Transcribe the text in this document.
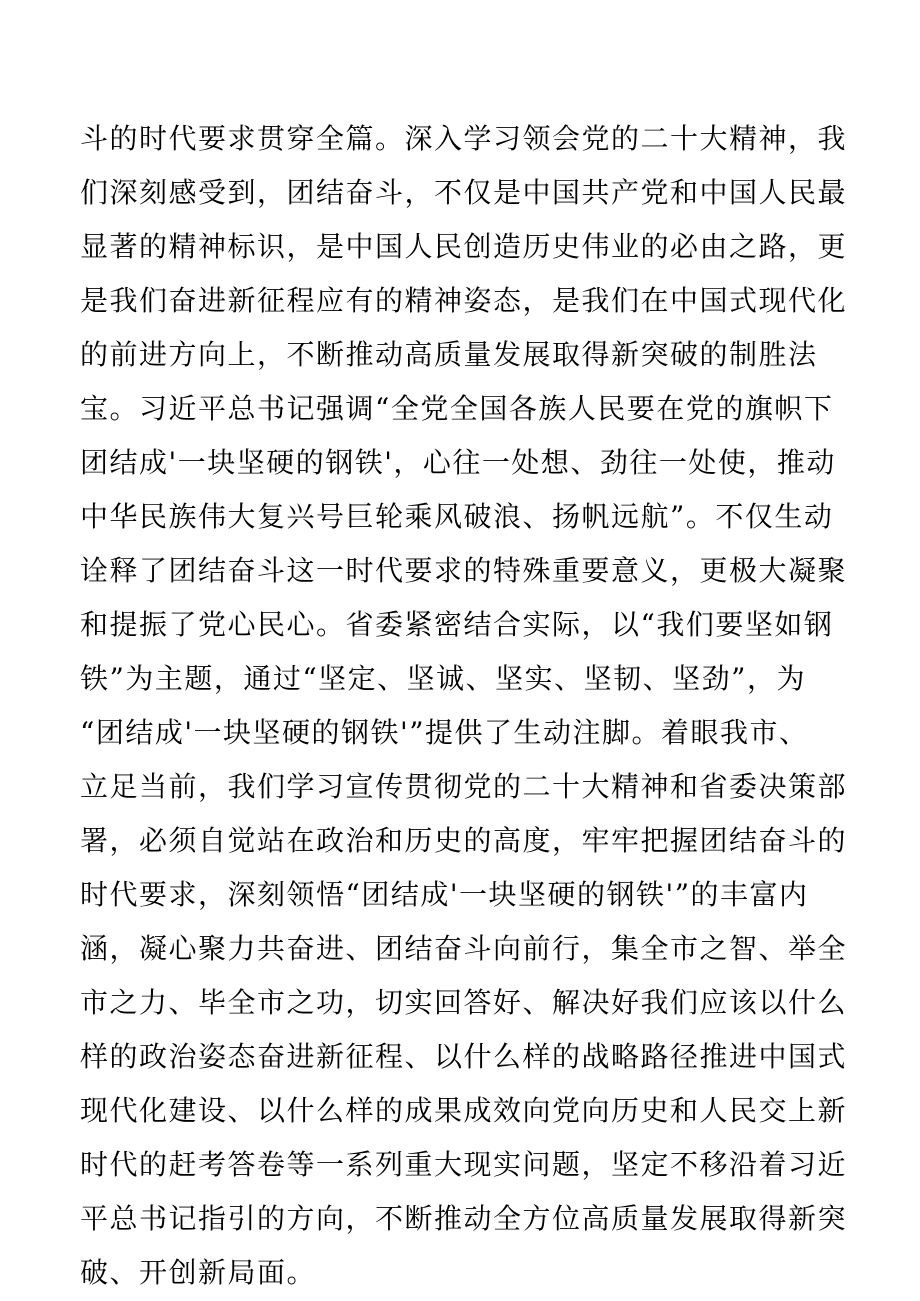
斗的时代要求贯穿全篇。深入学习领会党的二十大精神，我
们深刻感受到，团结奋斗，不仅是中国共产党和中国人民最
显著的精神标识，是中国人民创造历史伟业的必由之路，更
是我们奋进新征程应有的精神姿态，是我们在中国式现代化
的前进方向上，不断推动高质量发展取得新突破的制胜法
宝。习近平总书记强调“全党全国各族人民要在党的旗帜下
团结成'一块坚硬的钢铁'，心往一处想、劲往一处使，推动
中华民族伟大复兴号巨轮乘风破浪、扬帆远航”。不仅生动
诠释了团结奋斗这一时代要求的特殊重要意义，更极大凝聚
和提振了党心民心。省委紧密结合实际，以“我们要坚如钢
铁”为主题，通过“坚定、坚诚、坚实、坚韧、坚劲”，为
“团结成'一块坚硬的钢铁'”提供了生动注脚。着眼我市、
立足当前，我们学习宣传贯彻党的二十大精神和省委决策部
署，必须自觉站在政治和历史的高度，牢牢把握团结奋斗的
时代要求，深刻领悟“团结成'一块坚硬的钢铁'”的丰富内
涵，凝心聚力共奋进、团结奋斗向前行，集全市之智、举全
市之力、毕全市之功，切实回答好、解决好我们应该以什么
样的政治姿态奋进新征程、以什么样的战略路径推进中国式
现代化建设、以什么样的成果成效向党向历史和人民交上新
时代的赶考答卷等一系列重大现实问题，坚定不移沿着习近
平总书记指引的方向，不断推动全方位高质量发展取得新突
破、开创新局面。
